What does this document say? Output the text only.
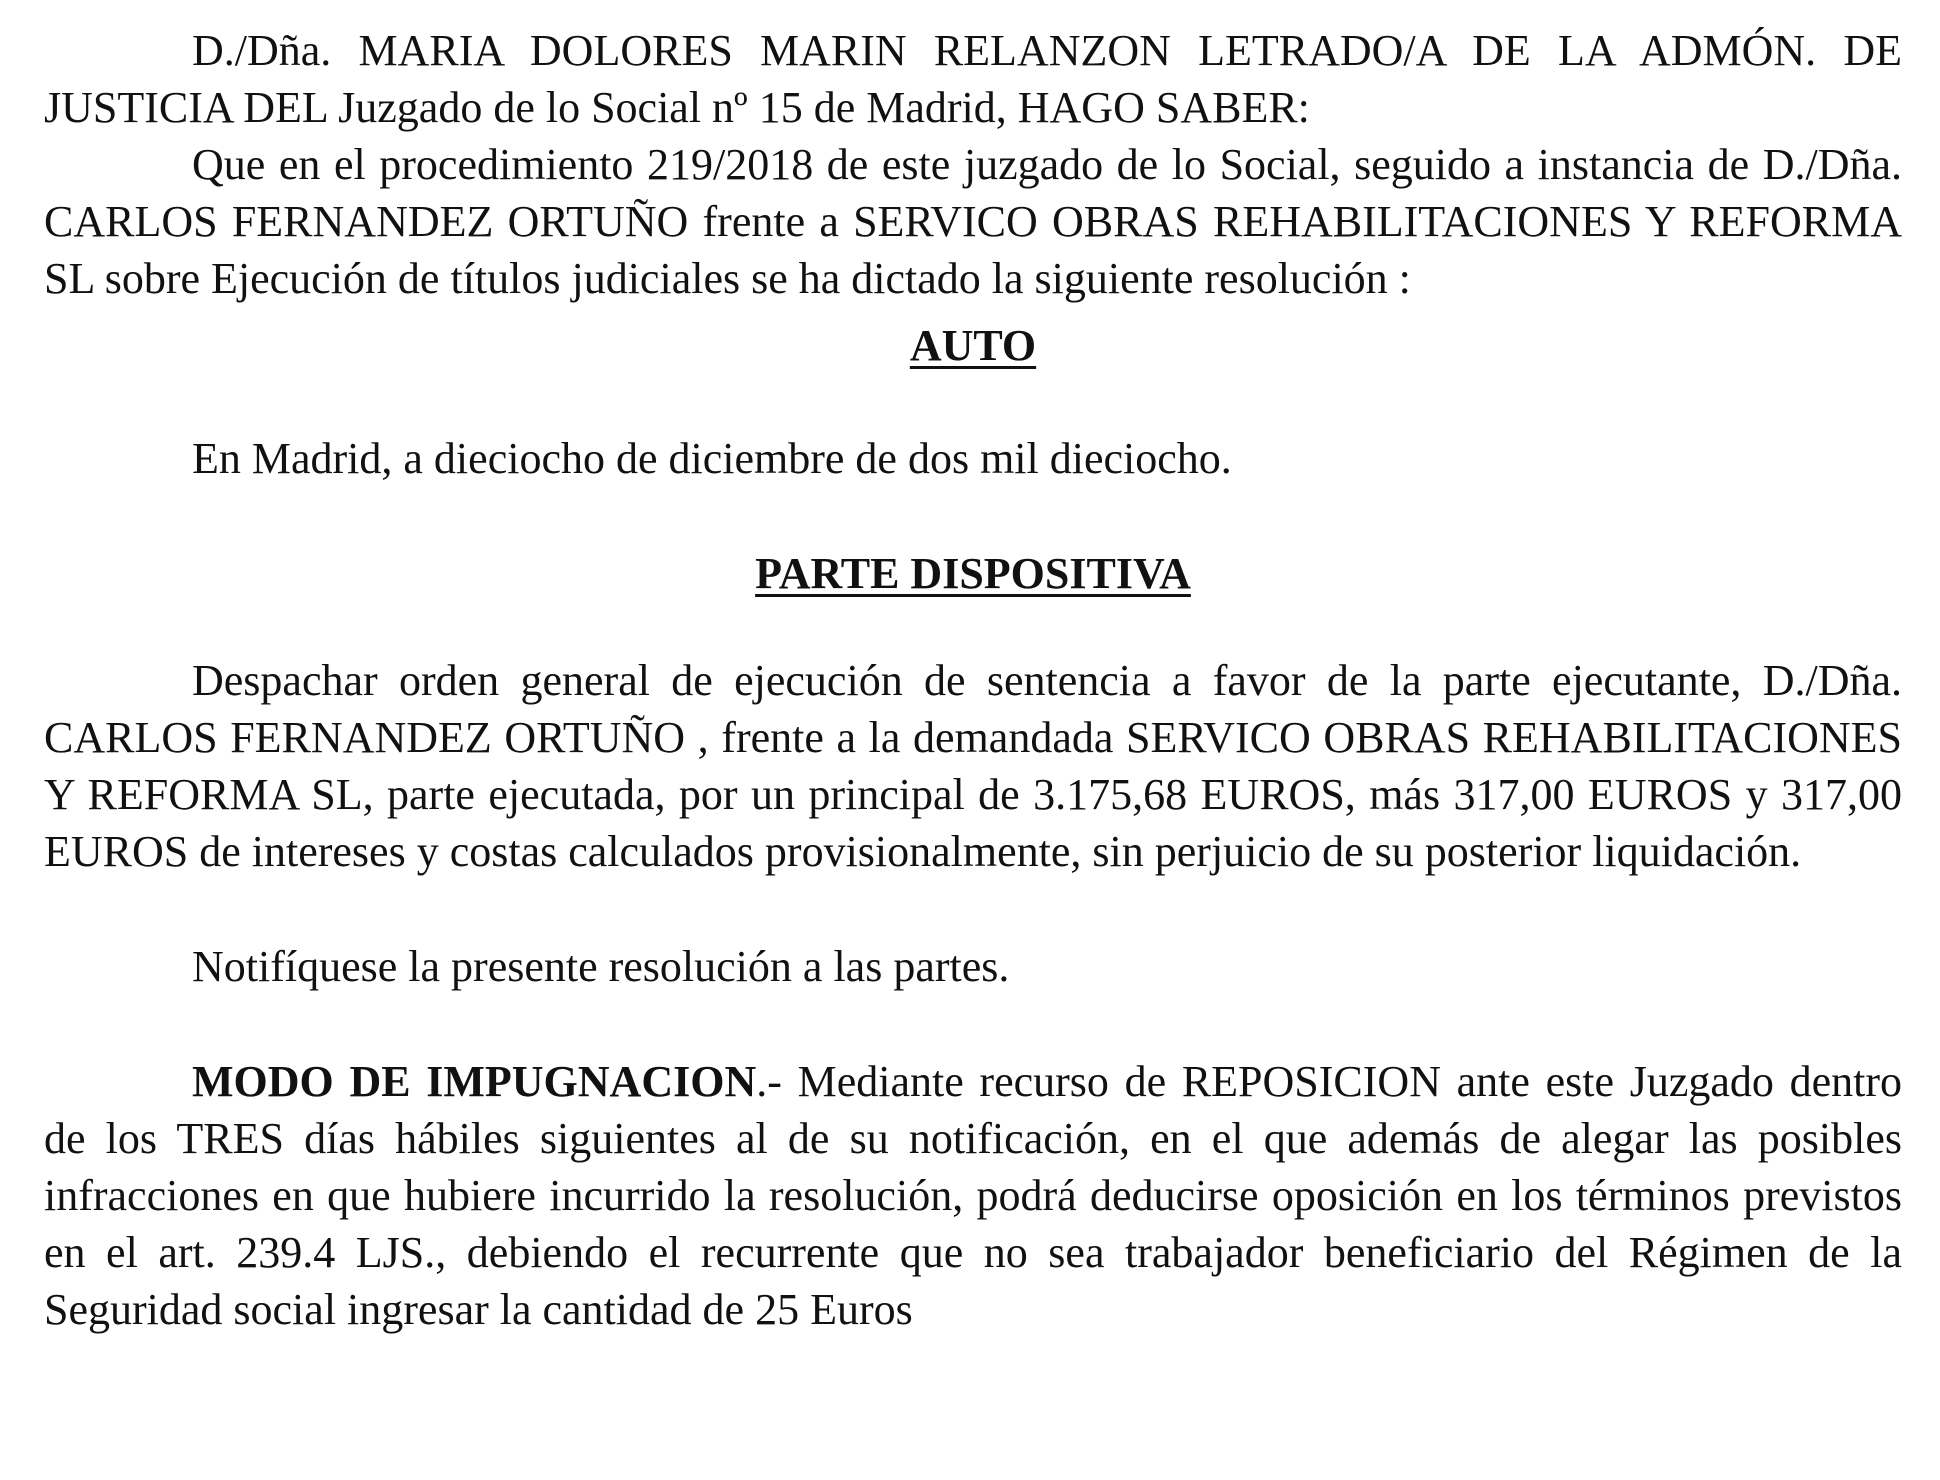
D./Dña. MARIA DOLORES MARIN RELANZON LETRADO/A DE LA ADMÓN. DE JUSTICIA DEL Juzgado de lo Social nº 15 de Madrid, HAGO SABER:

Que en el procedimiento 219/2018 de este juzgado de lo Social, seguido a instancia de D./Dña. CARLOS FERNANDEZ ORTUÑO frente a SERVICO OBRAS REHABILITACIONES Y REFORMA SL sobre Ejecución de títulos judiciales se ha dictado la siguiente resolución :

AUTO

En Madrid, a dieciocho de diciembre de dos mil dieciocho.

PARTE DISPOSITIVA

Despachar orden general de ejecución de sentencia a favor de la parte ejecutante, D./Dña. CARLOS FERNANDEZ ORTUÑO , frente a la demandada SERVICO OBRAS REHABILITACIONES Y REFORMA SL, parte ejecutada, por un principal de 3.175,68 EUROS, más 317,00 EUROS y 317,00 EUROS de intereses y costas calculados provisionalmente, sin perjuicio de su posterior liquidación.

Notifíquese la presente resolución a las partes.

MODO DE IMPUGNACION.- Mediante recurso de REPOSICION ante este Juzgado dentro de los TRES días hábiles siguientes al de su notificación, en el que además de alegar las posibles infracciones en que hubiere incurrido la resolución, podrá deducirse oposición en los términos previstos en el art. 239.4 LJS., debiendo el recurrente que no sea trabajador beneficiario del Régimen de la Seguridad social ingresar la cantidad de 25 Euros
